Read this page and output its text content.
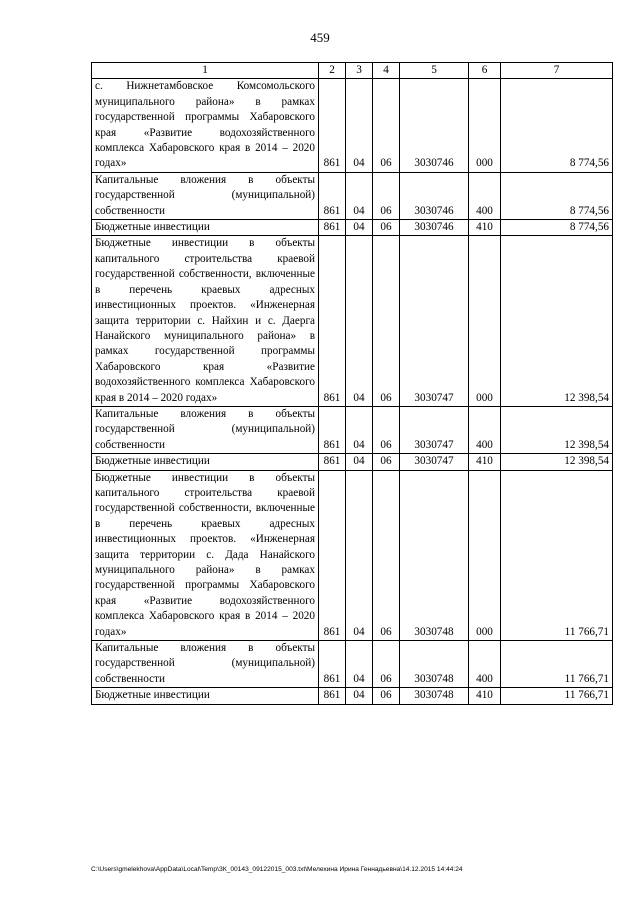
459
1	2	3	4	5	6	7
с. Нижнетамбовское Комсомольского муниципального района» в рамках государственной программы Хабаровского края «Развитие водохозяйственного комплекса Хабаровского края в 2014 – 2020 годах»	861	04	06	3030746	000	8 774,56
Капитальные вложения в объекты государственной (муниципальной) собственности	861	04	06	3030746	400	8 774,56
Бюджетные инвестиции	861	04	06	3030746	410	8 774,56
Бюджетные инвестиции в объекты капитального строительства краевой государственной собственности, включенные в перечень краевых адресных инвестиционных проектов. «Инженерная защита территории с. Найхин и с. Даерга Нанайского муниципального района» в рамках государственной программы Хабаровского края «Развитие водохозяйственного комплекса Хабаровского края в 2014 – 2020 годах»	861	04	06	3030747	000	12 398,54
Капитальные вложения в объекты государственной (муниципальной) собственности	861	04	06	3030747	400	12 398,54
Бюджетные инвестиции	861	04	06	3030747	410	12 398,54
Бюджетные инвестиции в объекты капитального строительства краевой государственной собственности, включенные в перечень краевых адресных инвестиционных проектов. «Инженерная защита территории с. Дада Нанайского муниципального района» в рамках государственной программы Хабаровского края «Развитие водохозяйственного комплекса Хабаровского края в 2014 – 2020 годах»	861	04	06	3030748	000	11 766,71
Капитальные вложения в объекты государственной (муниципальной) собственности	861	04	06	3030748	400	11 766,71
Бюджетные инвестиции	861	04	06	3030748	410	11 766,71
C:\Users\gmelekhova\AppData\Local\Temp\ЗК_00143_09122015_003.txt\Мелехина Ирина Геннадьевна\14.12.2015 14:44:24
